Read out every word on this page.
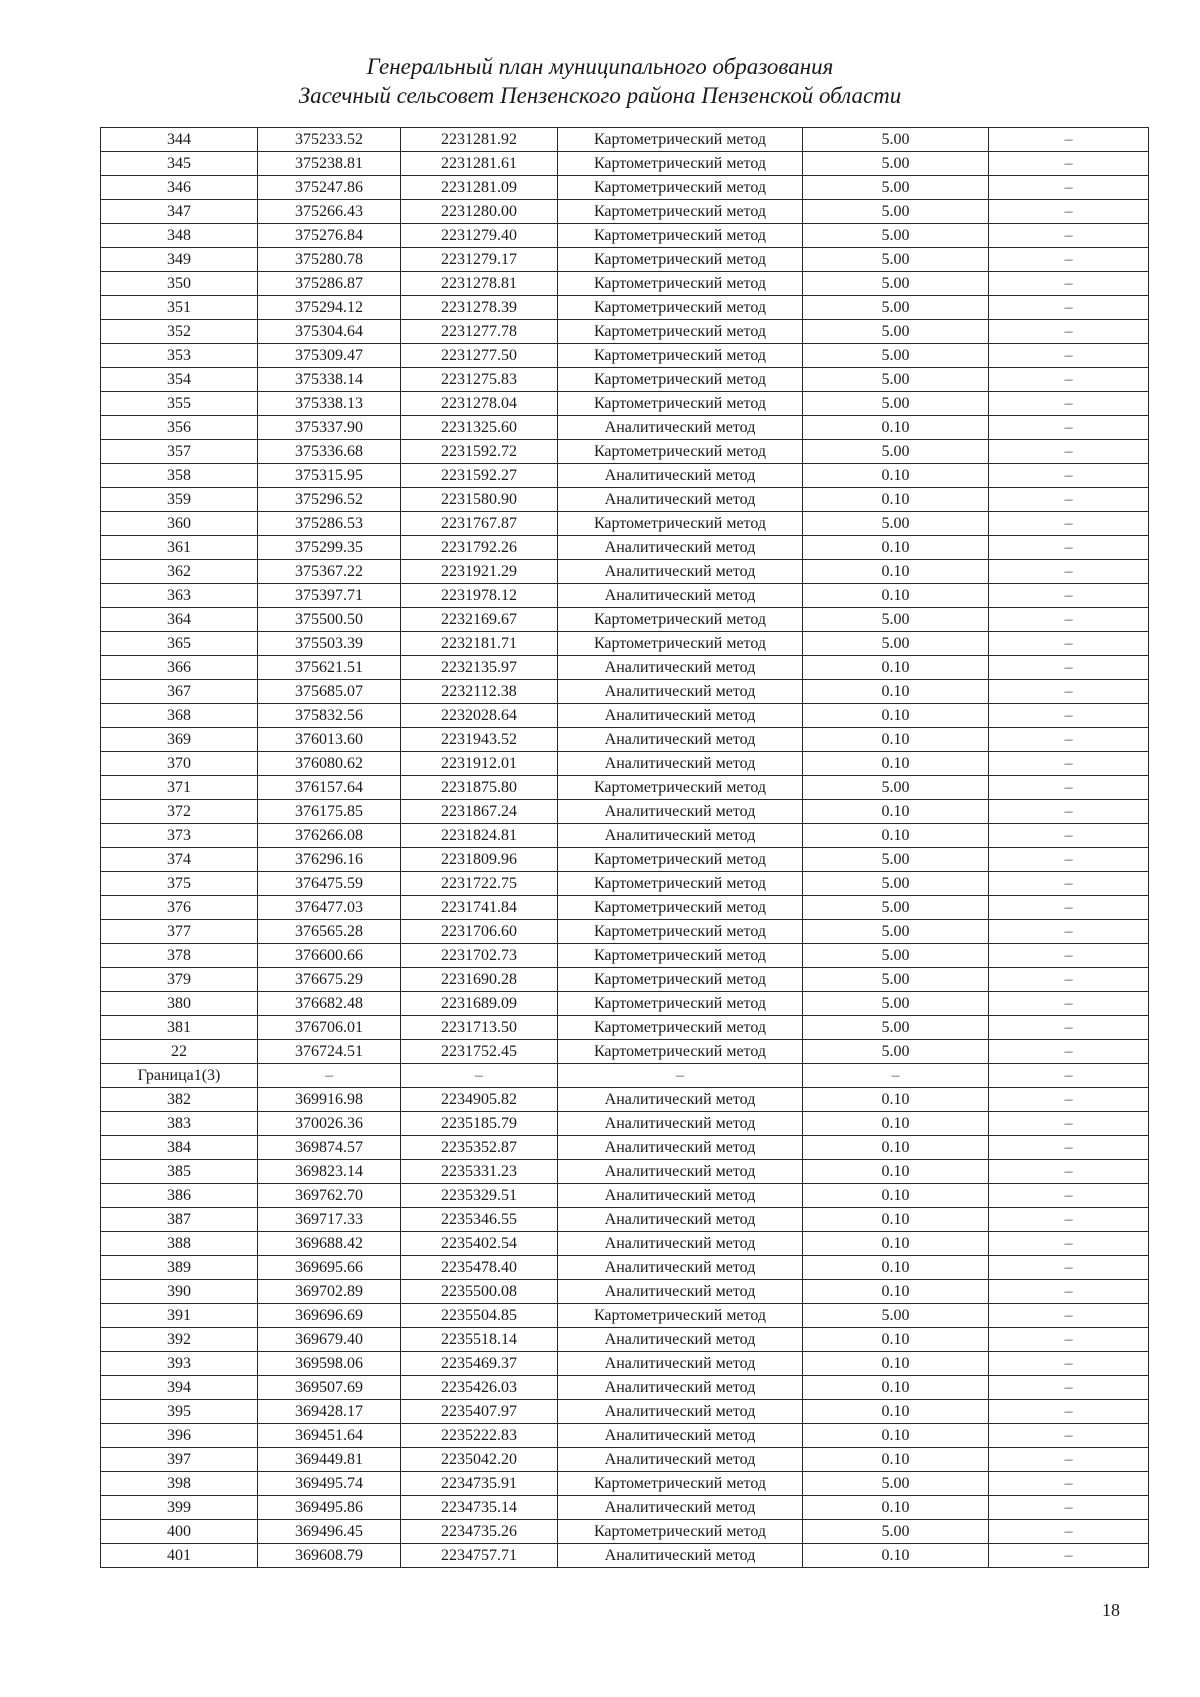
Генеральный план муниципального образования
Засечный сельсовет Пензенского района Пензенской области
344	375233.52	2231281.92	Картометрический метод	5.00	–
345	375238.81	2231281.61	Картометрический метод	5.00	–
346	375247.86	2231281.09	Картометрический метод	5.00	–
347	375266.43	2231280.00	Картометрический метод	5.00	–
348	375276.84	2231279.40	Картометрический метод	5.00	–
349	375280.78	2231279.17	Картометрический метод	5.00	–
350	375286.87	2231278.81	Картометрический метод	5.00	–
351	375294.12	2231278.39	Картометрический метод	5.00	–
352	375304.64	2231277.78	Картометрический метод	5.00	–
353	375309.47	2231277.50	Картометрический метод	5.00	–
354	375338.14	2231275.83	Картометрический метод	5.00	–
355	375338.13	2231278.04	Картометрический метод	5.00	–
356	375337.90	2231325.60	Аналитический метод	0.10	–
357	375336.68	2231592.72	Картометрический метод	5.00	–
358	375315.95	2231592.27	Аналитический метод	0.10	–
359	375296.52	2231580.90	Аналитический метод	0.10	–
360	375286.53	2231767.87	Картометрический метод	5.00	–
361	375299.35	2231792.26	Аналитический метод	0.10	–
362	375367.22	2231921.29	Аналитический метод	0.10	–
363	375397.71	2231978.12	Аналитический метод	0.10	–
364	375500.50	2232169.67	Картометрический метод	5.00	–
365	375503.39	2232181.71	Картометрический метод	5.00	–
366	375621.51	2232135.97	Аналитический метод	0.10	–
367	375685.07	2232112.38	Аналитический метод	0.10	–
368	375832.56	2232028.64	Аналитический метод	0.10	–
369	376013.60	2231943.52	Аналитический метод	0.10	–
370	376080.62	2231912.01	Аналитический метод	0.10	–
371	376157.64	2231875.80	Картометрический метод	5.00	–
372	376175.85	2231867.24	Аналитический метод	0.10	–
373	376266.08	2231824.81	Аналитический метод	0.10	–
374	376296.16	2231809.96	Картометрический метод	5.00	–
375	376475.59	2231722.75	Картометрический метод	5.00	–
376	376477.03	2231741.84	Картометрический метод	5.00	–
377	376565.28	2231706.60	Картометрический метод	5.00	–
378	376600.66	2231702.73	Картометрический метод	5.00	–
379	376675.29	2231690.28	Картометрический метод	5.00	–
380	376682.48	2231689.09	Картометрический метод	5.00	–
381	376706.01	2231713.50	Картометрический метод	5.00	–
22	376724.51	2231752.45	Картометрический метод	5.00	–
Граница1(3)	–	–	–	–	–
382	369916.98	2234905.82	Аналитический метод	0.10	–
383	370026.36	2235185.79	Аналитический метод	0.10	–
384	369874.57	2235352.87	Аналитический метод	0.10	–
385	369823.14	2235331.23	Аналитический метод	0.10	–
386	369762.70	2235329.51	Аналитический метод	0.10	–
387	369717.33	2235346.55	Аналитический метод	0.10	–
388	369688.42	2235402.54	Аналитический метод	0.10	–
389	369695.66	2235478.40	Аналитический метод	0.10	–
390	369702.89	2235500.08	Аналитический метод	0.10	–
391	369696.69	2235504.85	Картометрический метод	5.00	–
392	369679.40	2235518.14	Аналитический метод	0.10	–
393	369598.06	2235469.37	Аналитический метод	0.10	–
394	369507.69	2235426.03	Аналитический метод	0.10	–
395	369428.17	2235407.97	Аналитический метод	0.10	–
396	369451.64	2235222.83	Аналитический метод	0.10	–
397	369449.81	2235042.20	Аналитический метод	0.10	–
398	369495.74	2234735.91	Картометрический метод	5.00	–
399	369495.86	2234735.14	Аналитический метод	0.10	–
400	369496.45	2234735.26	Картометрический метод	5.00	–
401	369608.79	2234757.71	Аналитический метод	0.10	–
18
